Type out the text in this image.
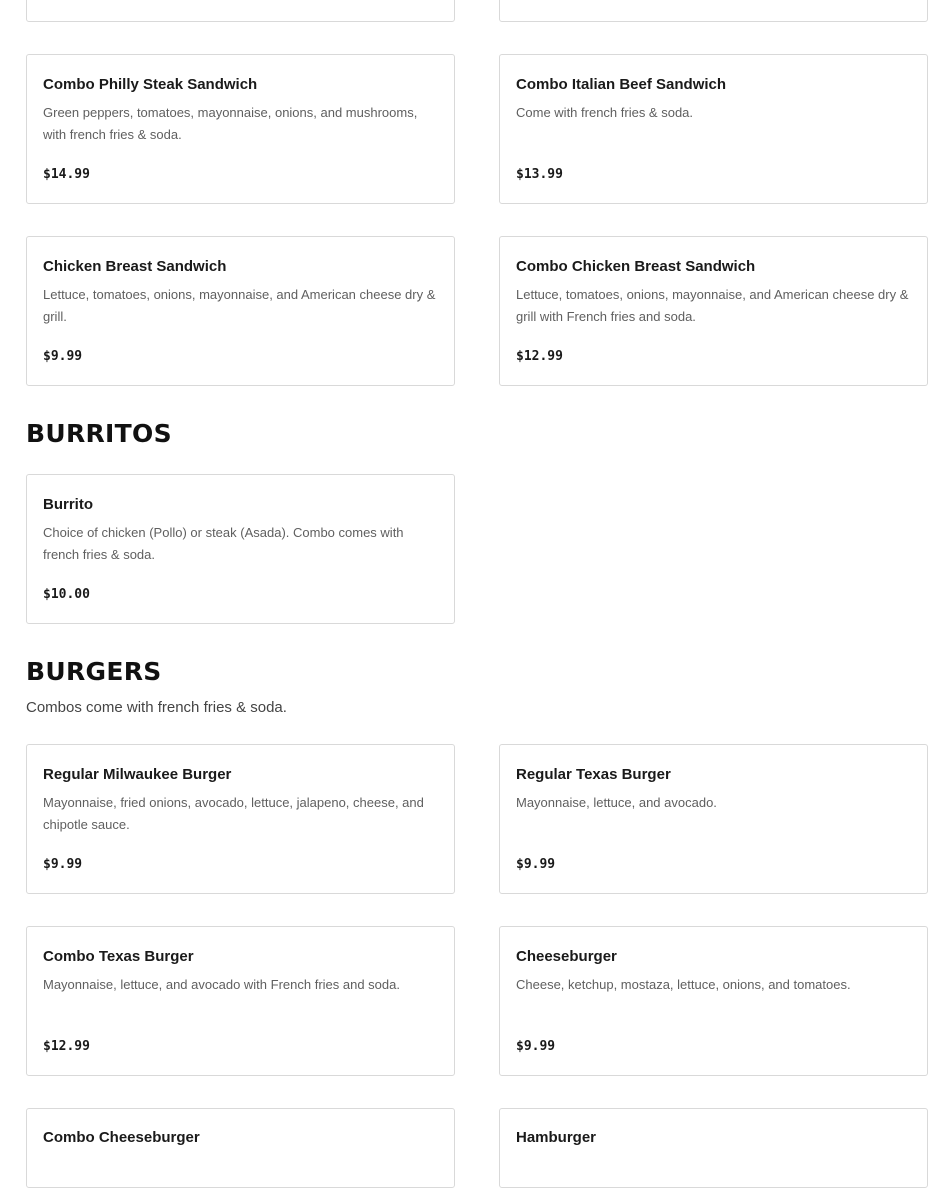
Combo Philly Steak Sandwich
Green peppers, tomatoes, mayonnaise, onions, and mushrooms, with french fries & soda.
$14.99
Combo Italian Beef Sandwich
Come with french fries & soda.
$13.99
Chicken Breast Sandwich
Lettuce, tomatoes, onions, mayonnaise, and American cheese dry & grill.
$9.99
Combo Chicken Breast Sandwich
Lettuce, tomatoes, onions, mayonnaise, and American cheese dry & grill with French fries and soda.
$12.99
BURRITOS
Burrito
Choice of chicken (Pollo) or steak (Asada). Combo comes with french fries & soda.
$10.00
BURGERS
Combos come with french fries & soda.
Regular Milwaukee Burger
Mayonnaise, fried onions, avocado, lettuce, jalapeno, cheese, and chipotle sauce.
$9.99
Regular Texas Burger
Mayonnaise, lettuce, and avocado.
$9.99
Combo Texas Burger
Mayonnaise, lettuce, and avocado with French fries and soda.
$12.99
Cheeseburger
Cheese, ketchup, mostaza, lettuce, onions, and tomatoes.
$9.99
Combo Cheeseburger	Hamburger
